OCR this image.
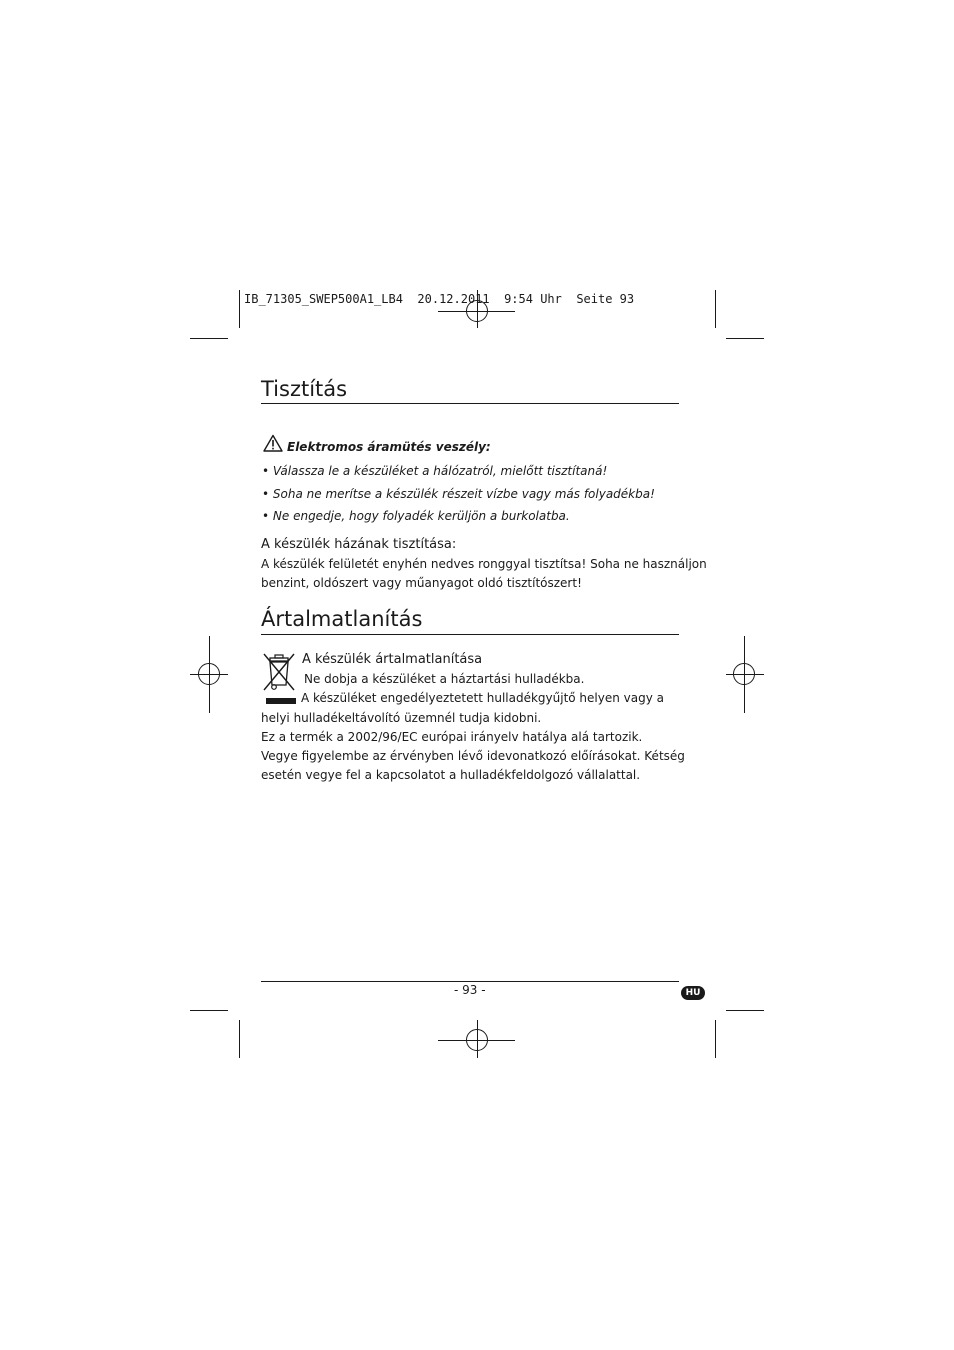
IB_71305_SWEP500A1_LB4  20.12.2011  9:54 Uhr  Seite 93
Tisztítás
Elektromos áramütés veszély:
• Válassza le a készüléket a hálózatról, mielőtt tisztítaná!
• Soha ne merítse a készülék részeit vízbe vagy más folyadékba!
• Ne engedje, hogy folyadék kerüljön a burkolatba.
A készülék házának tisztítása:
A készülék felületét enyhén nedves ronggyal tisztítsa! Soha ne használjon
benzint, oldószert vagy műanyagot oldó tisztítószert!
Ártalmatlanítás
A készülék ártalmatlanítása
Ne dobja a készüléket a háztartási hulladékba.
A készüléket engedélyeztetett hulladékgyűjtő helyen vagy a
helyi hulladékeltávolító üzemnél tudja kidobni.
Ez a termék a 2002/96/EC európai irányelv hatálya alá tartozik.
Vegye figyelembe az érvényben lévő idevonatkozó előírásokat. Kétség
esetén vegye fel a kapcsolatot a hulladékfeldolgozó vállalattal.
- 93 -	HU
